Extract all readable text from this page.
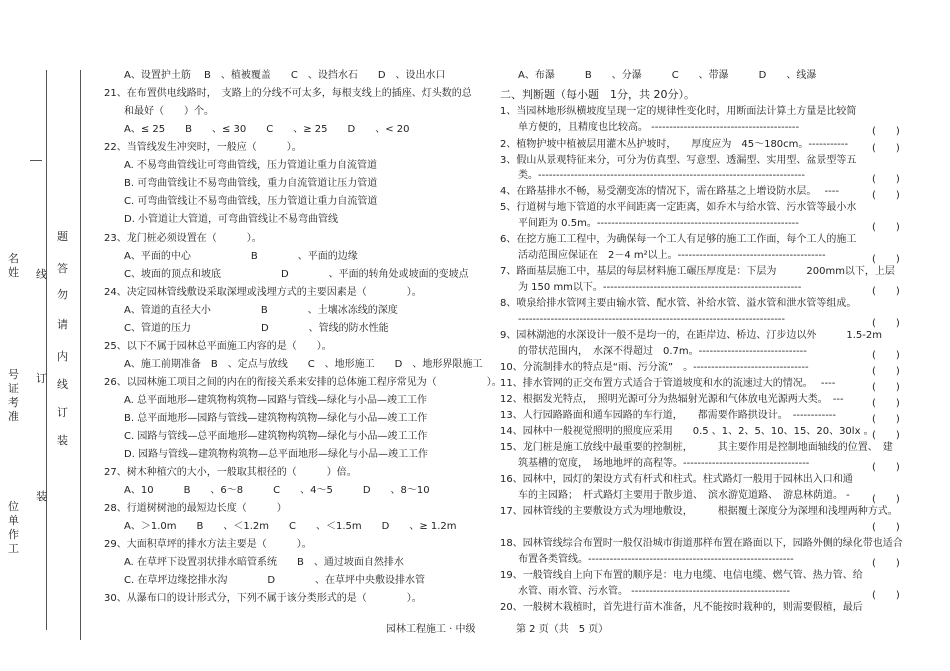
名姓
号证考准
位单作工
题
答
勿
请
内
线
订
装
线
订
装
A、设置护土筋　 B　、植被覆盖　　C　、设挡水石　　D　、设出水口
21、在布置供电线路时，　支路上的分线不可太多，每根支线上的插座、灯头数的总
和最好（　　）个。
A、≤ 25　　B　　、≤ 30　　C　　、≥ 25　　D　　、< 20
22、当管线发生冲突时，一般应（　　　）。
A. 不易弯曲管线让可弯曲管线，压力管道让重力自流管道
B. 可弯曲管线让不易弯曲管线，重力自流管道让压力管道
C. 可弯曲管线让不易弯曲管线，压力管道让重力自流管道
D. 小管道让大管道，可弯曲管线让不易弯曲管线
23、龙门桩必须设置在（　　　）。
A、平面的中心　　　　　　B　　　　、平面的边缘
C、坡面的顶点和坡底　　　　　　D　　　　、平面的转角处或坡面的变坡点
24、决定园林管线敷设采取深埋或浅埋方式的主要因素是（　　　　）。
A、管道的直径大小　　　　　B　　　　、土壤冰冻线的深度
C、管道的压力　　　　　　　D　　　　、管线的防水性能
25、以下不属于园林总平面施工内容的是（　　）。
A、施工前期准备　B　、定点与放线　　C　、地形施工　　D　、地形界限施工
26、以园林施工项目之间的内在的衔接关系来安排的总体施工程序常见为（　　　　　）。
A. 总平面地形—建筑物构筑物—园路与管线—绿化与小品—竣工工作
B. 总平面地形—园路与管线—建筑物构筑物—绿化与小品—竣工工作
C. 园路与管线—总平面地形—建筑物构筑物—绿化与小品—竣工工作
D. 园路与管线—建筑物构筑物—总平面地形—绿化与小品—竣工工作
27、树木种植穴的大小，一般取其根径的（　　　）倍。
A、10　　　B　　、6～8　　　C　　、4～5　　　D　　、8～10
28、行道树树池的最短边长度（　　　）
A、＞1.0m　　B　　、＜1.2m　　C　　、＜1.5m　　D　　、≥ 1.2m
29、大面积草坪的排水方法主要是（　　　）。
A. 在草坪下设置羽状排水暗管系统　　B　、通过坡面自然排水
C. 在草坪边缘挖排水沟　　　　D　　　　、在草坪中央敷设排水管
30、从瀑布口的设计形式分，下列不属于该分类形式的是（　　　　）。
A、布瀑　　　B　　、分瀑　　　C　　、带瀑　　　D　　、线瀑
二、判断题（每小题　1分，共 20分）。
1、当园林地形纵横坡度呈现一定的规律性变化时，用断面法计算土方量是比较简
单方便的，且精度也比较高。 -----------------------------------------
2、植物护坡中植被层用灌木丛护坡时，　　厚度应为　45～180cm。-----------
3、假山从景观特征来分，可分为仿真型、写意型、透漏型、实用型、盆景型等五
类。--------------------------------------------------------------------------
4、在路基排水不畅，易受潮变冻的情况下，需在路基之上增设防水层。　 ----
5、行道树与地下管道的水平间距离一定距离，如乔木与给水管、污水管等最小水
平间距为 0.5m。--------------------------------------------------------
6、在挖方施工工程中，为确保每一个工人有足够的施工工作面，每个工人的施工
活动范围应保证在　2－4 m²以上。-----------------------------------------
7、路面基层施工中，基层的每层材料施工碾压厚度是：下层为　　　200mm以下，上层
为 150 mm以下。-------------------------------------------------------
8、喷泉给排水管网主要由输水管、配水管、补给水管、溢水管和泄水管等组成。
--------------------------------------------------------------------------
9、园林湖池的水深设计一般不是均一的，在距岸边、桥边、汀步边以外　　　1.5-2m
的带状范围内，　水深不得超过　0.7m。------------------------------
10、分流制排水的特点是“雨、污分流”　。--------------------------------
11、排水管网的正交布置方式适合于管道坡度和水的流速过大的情况。　 ----
12、根据发光特点，　照明光源可分为热辐射光源和气体放电光源两大类。　---
13、人行园路路面和通车园路的车行道，　　都需要作路拱设计。　------------
14、园林中一般视觉照明的照度应采用　　0.5 、1、2、5、10、15、20、30lx 。
15、龙门桩是施工放线中最重要的控制桩，　　　其主要作用是控制地面轴线的位置、　建
筑基槽的宽度，　场地地坪的高程等。-----------------------------------
16、园林中，园灯的架设方式有杆式和柱式。柱式路灯一般用于园林出入口和通
车的主园路；　杆式路灯主要用于散步道、　滨水游览道路、　游息林荫道。 -
17、园林管线的主要敷设方式为埋地敷设，　　　根据覆土深度分为深埋和浅埋两种方式。
18、园林管线综合布置时一般仅沿城市街道那样布置在路面以下，园路外侧的绿化带也适合
布置各类管线。---------------------------------------------------------
19、一般管线自上向下布置的顺序是：电力电缆、电信电缆、燃气管、热力管、给
水管、雨水管、污水管。 --------------------------------------------
20、一般树木栽植时，首先进行苗木准备，凡不能按时栽种的，则需要假植，最后
(　　)
(　　)
(　　)
(　　)
(　　)
(　　)
(　　)
(　　)
(　　)
(　　)
(　　)
(　　)
(　　)
(　　)
(　　)
(　　)
(　　)
(　　)
(　　)
园林工程施工 · 中级	第 2 页（共　5 页）
